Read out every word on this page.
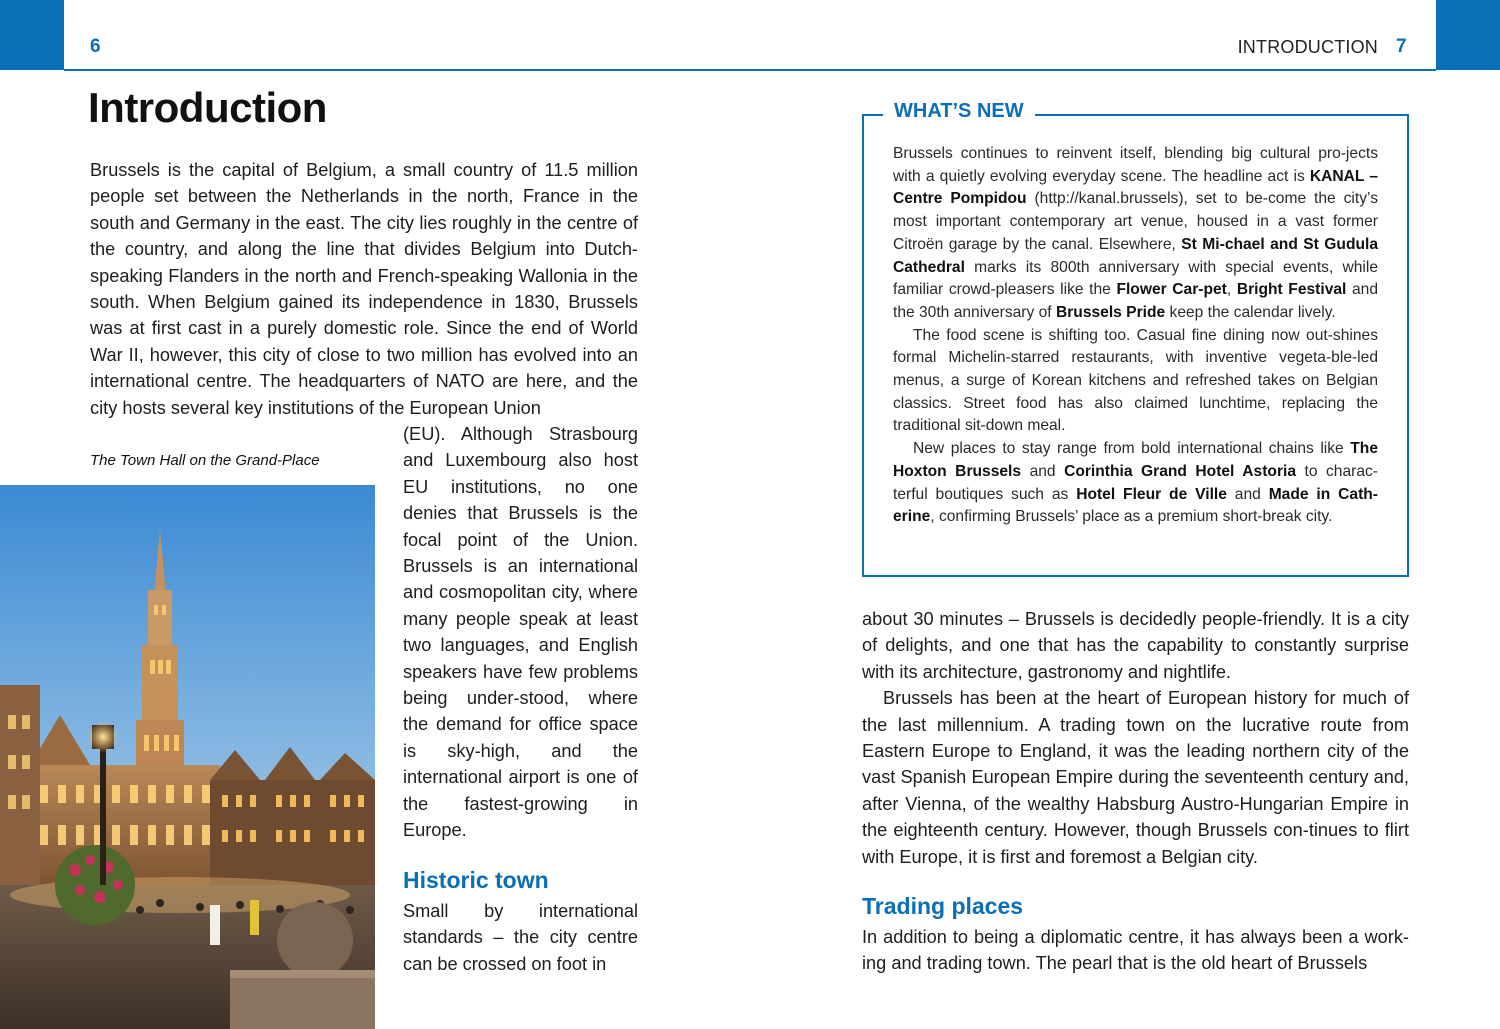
6	INTRODUCTION 7
Introduction

Brussels is the capital of Belgium, a small country of 11.5 million people set between the Netherlands in the north, France in the south and Germany in the east. The city lies roughly in the centre of the country, and along the line that divides Belgium into Dutch-speaking Flanders in the north and French-speaking Wallonia in the south. When Belgium gained its independence in 1830, Brussels was at first cast in a purely domestic role. Since the end of World War II, however, this city of close to two million has evolved into an international centre. The headquarters of NATO are here, and the city hosts several key institutions of the European Union

(EU). Although Strasbourg and Luxembourg also host EU institutions, no one denies that Brussels is the focal point of the Union. Brussels is an international and cosmopolitan city, where many people speak at least two languages, and English speakers have few problems being under-stood, where the demand for office space is sky-high, and the international airport is one of the fastest-growing in Europe.

The Town Hall on the Grand-Place
Historic town

Small by international standards – the city centre can be crossed on foot in

WHAT’S NEW

Brussels continues to reinvent itself, blending big cultural pro-jects with a quietly evolving everyday scene. The headline act is KANAL – Centre Pompidou (http://kanal.brussels), set to be-come the city’s most important contemporary art venue, housed in a vast former Citroën garage by the canal. Elsewhere, St Mi-chael and St Gudula Cathedral marks its 800th anniversary with special events, while familiar crowd-pleasers like the Flower Car-pet, Bright Festival and the 30th anniversary of Brussels Pride keep the calendar lively.

The food scene is shifting too. Casual fine dining now out-shines formal Michelin-starred restaurants, with inventive vegeta-ble-led menus, a surge of Korean kitchens and refreshed takes on Belgian classics. Street food has also claimed lunchtime, replacing the traditional sit-down meal.

New places to stay range from bold international chains like The Hoxton Brussels and Corinthia Grand Hotel Astoria to charac-terful boutiques such as Hotel Fleur de Ville and Made in Cath-erine, confirming Brussels’ place as a premium short-break city.

about 30 minutes – Brussels is decidedly people-friendly. It is a city of delights, and one that has the capability to constantly surprise with its architecture, gastronomy and nightlife.

Brussels has been at the heart of European history for much of the last millennium. A trading town on the lucrative route from Eastern Europe to England, it was the leading northern city of the vast Spanish European Empire during the seventeenth century and, after Vienna, of the wealthy Habsburg Austro-Hungarian Empire in the eighteenth century. However, though Brussels con-tinues to flirt with Europe, it is first and foremost a Belgian city.

Trading places

In addition to being a diplomatic centre, it has always been a work-ing and trading town. The pearl that is the old heart of Brussels
